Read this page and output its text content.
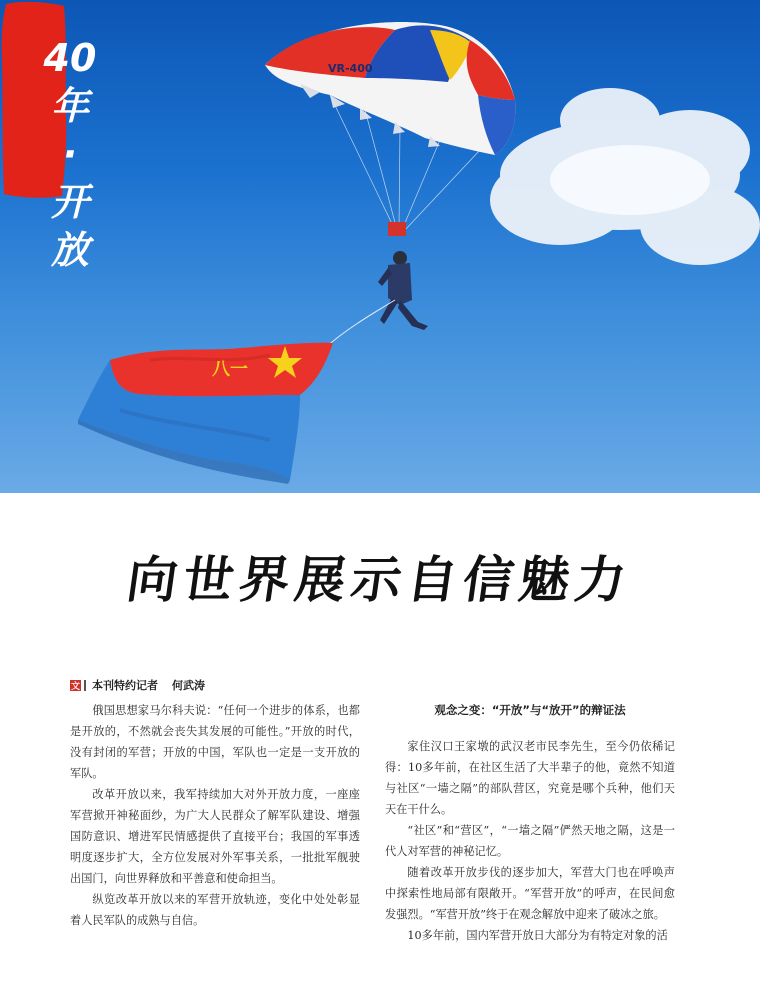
VR-400
八一
40年
·
开放
向世界展示自信魅力
文 本刊特约记者 何武涛

俄国思想家马尔科夫说：“任何一个进步的体系，也都是开放的，不然就会丧失其发展的可能性。”开放的时代，没有封闭的军营；开放的中国，军队也一定是一支开放的军队。

改革开放以来，我军持续加大对外开放力度，一座座军营掀开神秘面纱，为广大人民群众了解军队建设、增强国防意识、增进军民情感提供了直接平台；我国的军事透明度逐步扩大，全方位发展对外军事关系，一批批军舰驶出国门，向世界释放和平善意和使命担当。

纵览改革开放以来的军营开放轨迹，变化中处处彰显着人民军队的成熟与自信。

观念之变：“开放”与“放开”的辩证法

家住汉口王家墩的武汉老市民李先生，至今仍依稀记得：10多年前，在社区生活了大半辈子的他，竟然不知道与社区“一墙之隔”的部队营区，究竟是哪个兵种，他们天天在干什么。

“社区”和“营区”，“一墙之隔”俨然天地之隔，这是一代人对军营的神秘记忆。

随着改革开放步伐的逐步加大，军营大门也在呼唤声中探索性地局部有限敞开。“军营开放”的呼声，在民间愈发强烈。“军营开放”终于在观念解放中迎来了破冰之旅。

10多年前，国内军营开放日大部分为有特定对象的活
